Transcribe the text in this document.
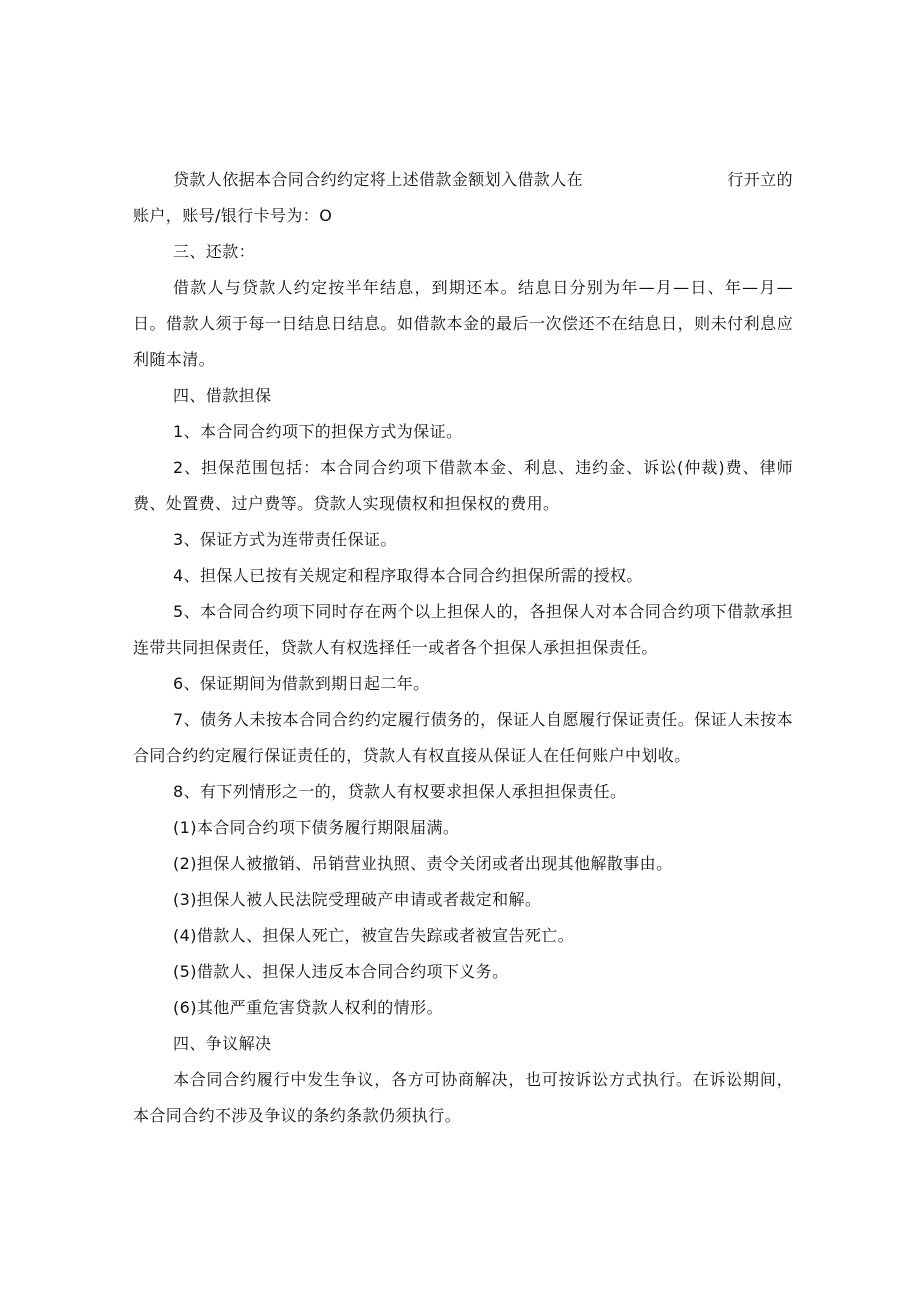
贷款人依据本合同合约约定将上述借款金额划入借款人在	行开立的

账户，账号/银行卡号为：O

三、还款：

借款人与贷款人约定按半年结息，到期还本。结息日分别为年—月—日、年—月—日。借款人须于每一日结息日结息。如借款本金的最后一次偿还不在结息日，则未付利息应利随本清。

四、借款担保

1、本合同合约项下的担保方式为保证。

2、担保范围包括：本合同合约项下借款本金、利息、违约金、诉讼(仲裁)费、律师费、处置费、过户费等。贷款人实现债权和担保权的费用。

3、保证方式为连带责任保证。

4、担保人已按有关规定和程序取得本合同合约担保所需的授权。

5、本合同合约项下同时存在两个以上担保人的，各担保人对本合同合约项下借款承担连带共同担保责任，贷款人有权选择任一或者各个担保人承担担保责任。

6、保证期间为借款到期日起二年。

7、债务人未按本合同合约约定履行债务的，保证人自愿履行保证责任。保证人未按本合同合约约定履行保证责任的，贷款人有权直接从保证人在任何账户中划收。

8、有下列情形之一的，贷款人有权要求担保人承担担保责任。

(1)本合同合约项下债务履行期限届满。

(2)担保人被撤销、吊销营业执照、责令关闭或者出现其他解散事由。

(3)担保人被人民法院受理破产申请或者裁定和解。

(4)借款人、担保人死亡，被宣告失踪或者被宣告死亡。

(5)借款人、担保人违反本合同合约项下义务。

(6)其他严重危害贷款人权利的情形。

四、争议解决

本合同合约履行中发生争议，各方可协商解决，也可按诉讼方式执行。在诉讼期间，本合同合约不涉及争议的条约条款仍须执行。
